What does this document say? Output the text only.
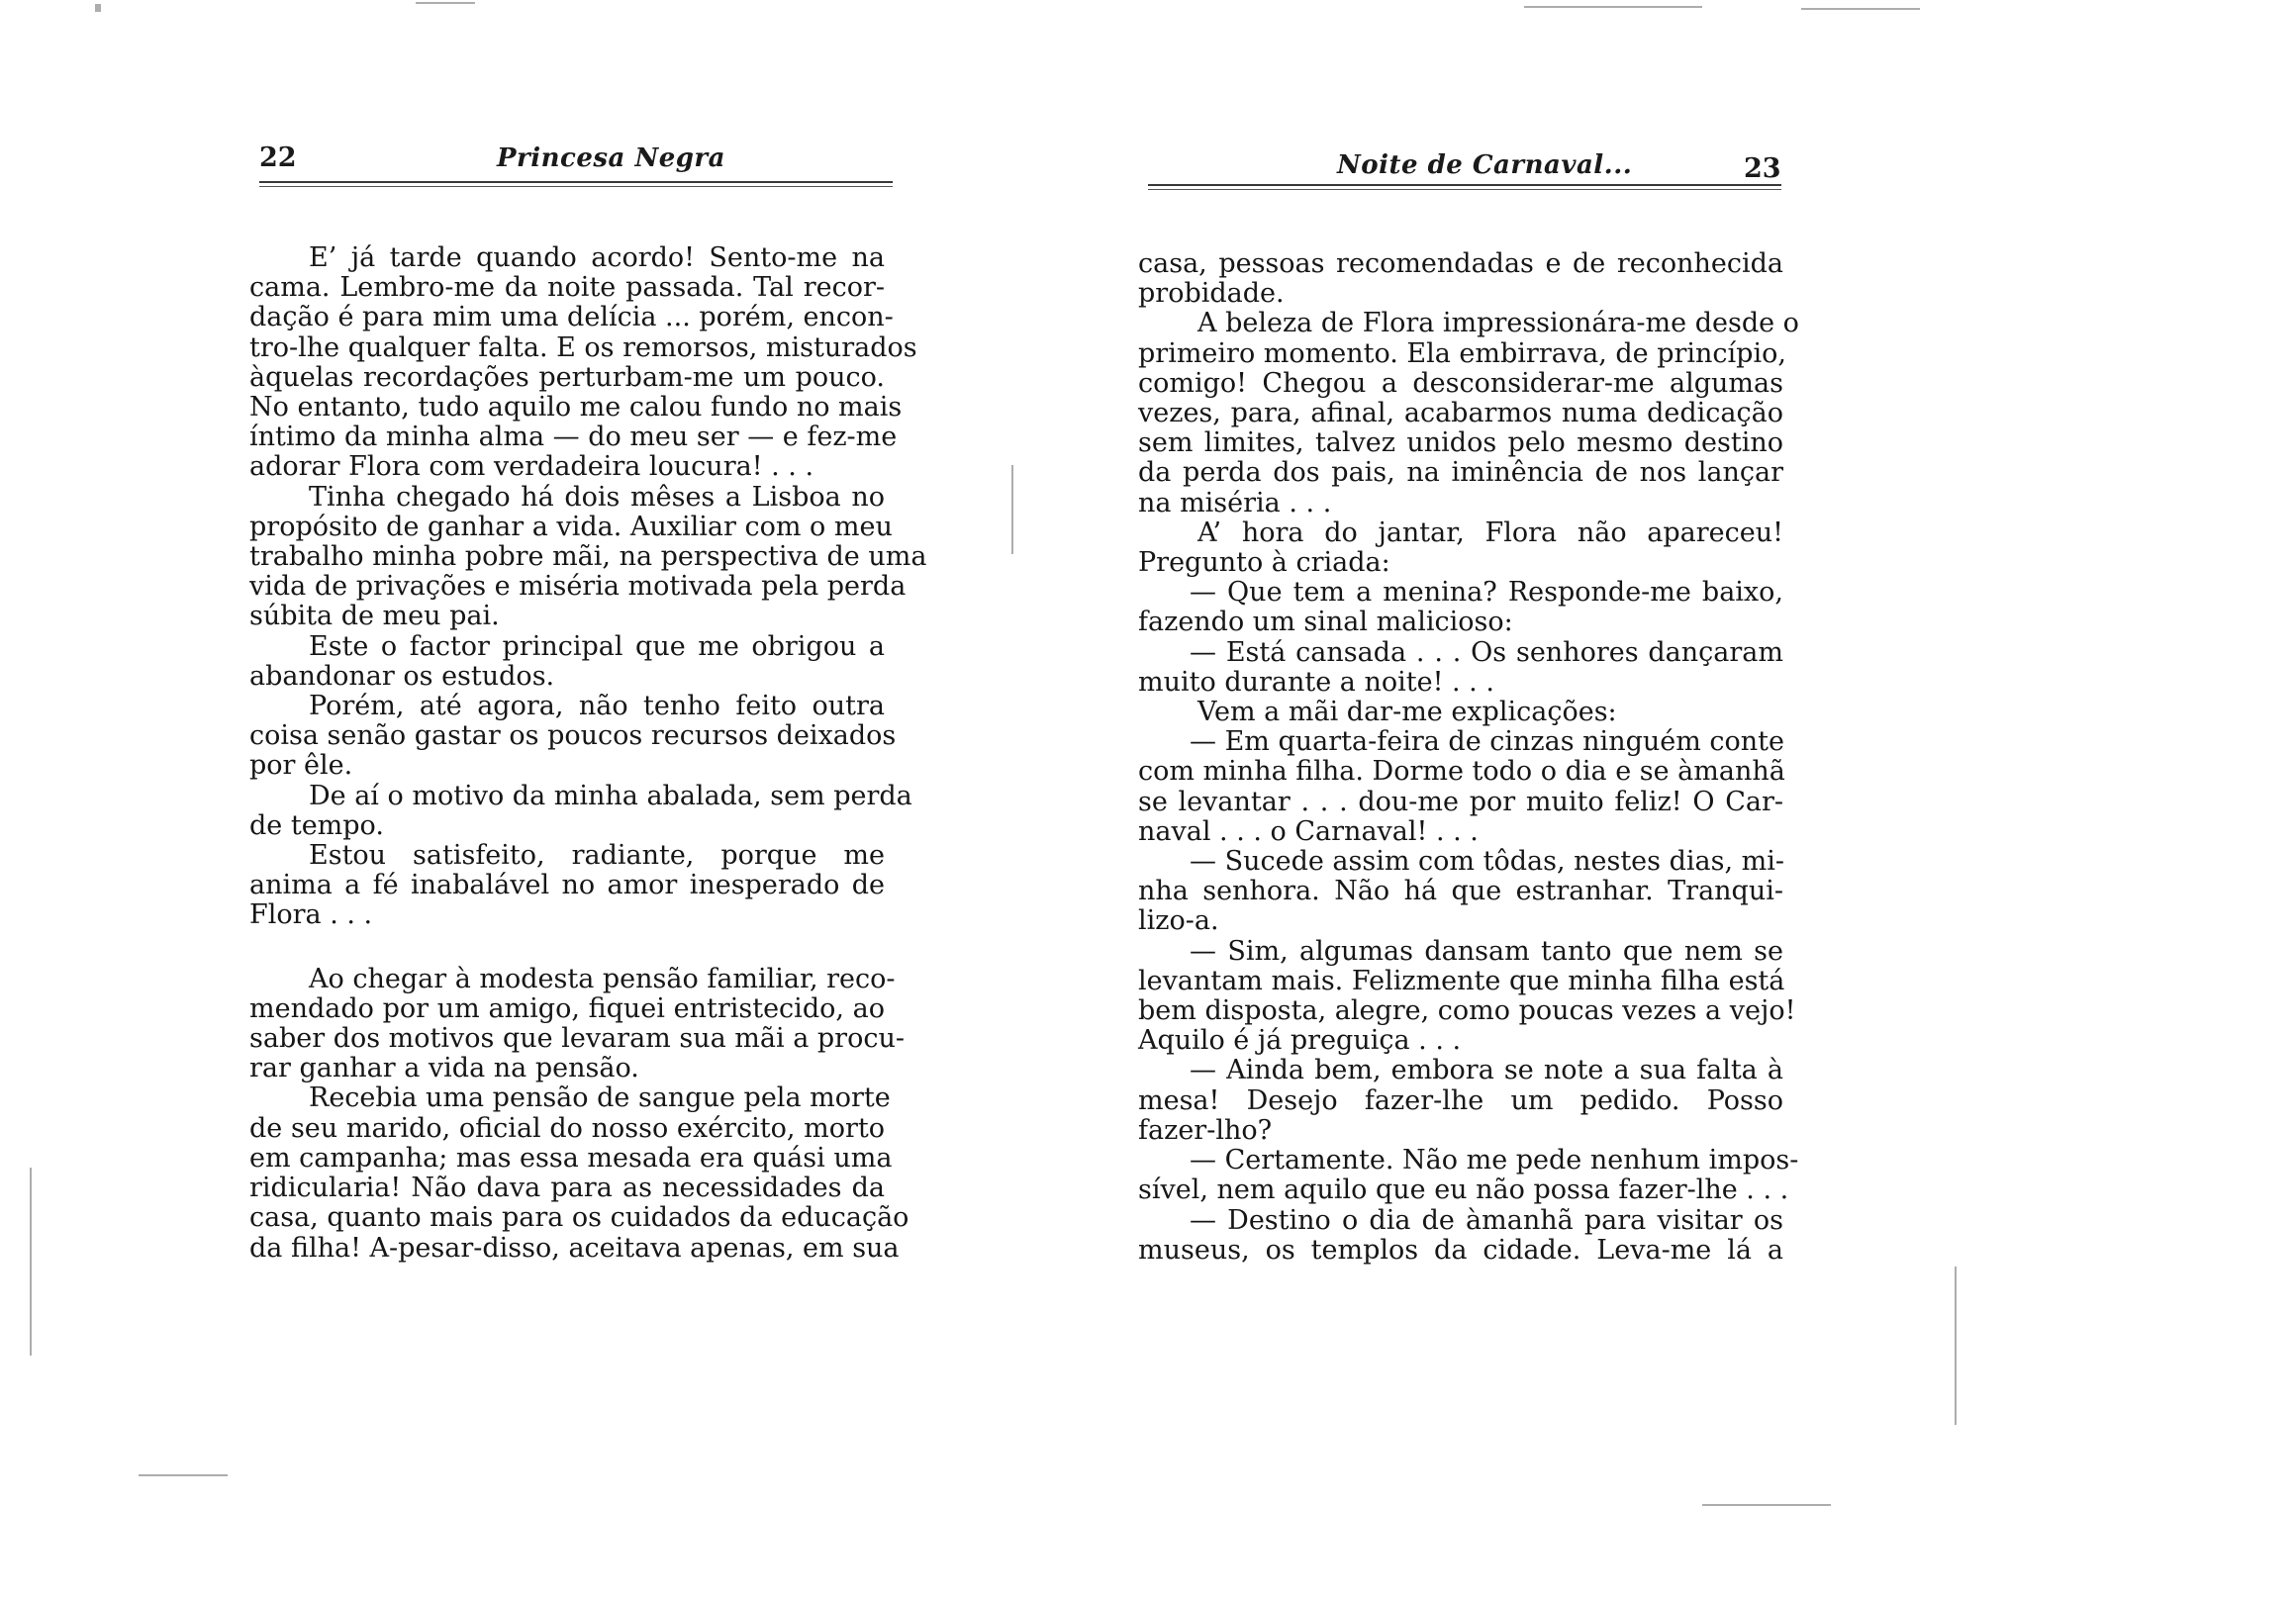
22	Princesa Negra
E’ já tarde quando acordo! Sento-me na
cama. Lembro-me da noite passada. Tal recor-
dação é para mim uma delícia ... porém, encon-
tro-lhe qualquer falta. E os remorsos, misturados
àquelas recordações perturbam-me um pouco.
No entanto, tudo aquilo me calou fundo no mais
íntimo da minha alma — do meu ser — e fez-me
adorar Flora com verdadeira loucura! . . .
Tinha chegado há dois mêses a Lisboa no
propósito de ganhar a vida. Auxiliar com o meu
trabalho minha pobre mãi, na perspectiva de uma
vida de privações e miséria motivada pela perda
súbita de meu pai.
Este o factor principal que me obrigou a
abandonar os estudos.
Porém, até agora, não tenho feito outra
coisa senão gastar os poucos recursos deixados
por êle.
De aí o motivo da minha abalada, sem perda
de tempo.
Estou satisfeito, radiante, porque me
anima a fé inabalável no amor inesperado de
Flora . . .
Ao chegar à modesta pensão familiar, reco-
mendado por um amigo, fiquei entristecido, ao
saber dos motivos que levaram sua mãi a procu-
rar ganhar a vida na pensão.
Recebia uma pensão de sangue pela morte
de seu marido, oficial do nosso exército, morto
em campanha; mas essa mesada era quási uma
ridicularia! Não dava para as necessidades da
casa, quanto mais para os cuidados da educação
da filha! A-pesar-disso, aceitava apenas, em sua
Noite de Carnaval...	23
casa, pessoas recomendadas e de reconhecida
probidade.
A beleza de Flora impressionára-me desde o
primeiro momento. Ela embirrava, de princípio,
comigo! Chegou a desconsiderar-me algumas
vezes, para, afinal, acabarmos numa dedicação
sem limites, talvez unidos pelo mesmo destino
da perda dos pais, na iminência de nos lançar
na miséria . . .
A’ hora do jantar, Flora não apareceu!
Pregunto à criada:
— Que tem a menina? Responde-me baixo,
fazendo um sinal malicioso:
— Está cansada . . . Os senhores dançaram
muito durante a noite! . . .
Vem a mãi dar-me explicações:
— Em quarta-feira de cinzas ninguém conte
com minha filha. Dorme todo o dia e se àmanhã
se levantar . . . dou-me por muito feliz! O Car-
naval . . . o Carnaval! . . .
— Sucede assim com tôdas, nestes dias, mi-
nha senhora. Não há que estranhar. Tranqui-
lizo-a.
— Sim, algumas dansam tanto que nem se
levantam mais. Felizmente que minha filha está
bem disposta, alegre, como poucas vezes a vejo!
Aquilo é já preguiça . . .
— Ainda bem, embora se note a sua falta à
mesa! Desejo fazer-lhe um pedido. Posso
fazer-lho?
— Certamente. Não me pede nenhum impos-
sível, nem aquilo que eu não possa fazer-lhe . . .
— Destino o dia de àmanhã para visitar os
museus, os templos da cidade. Leva-me lá a
